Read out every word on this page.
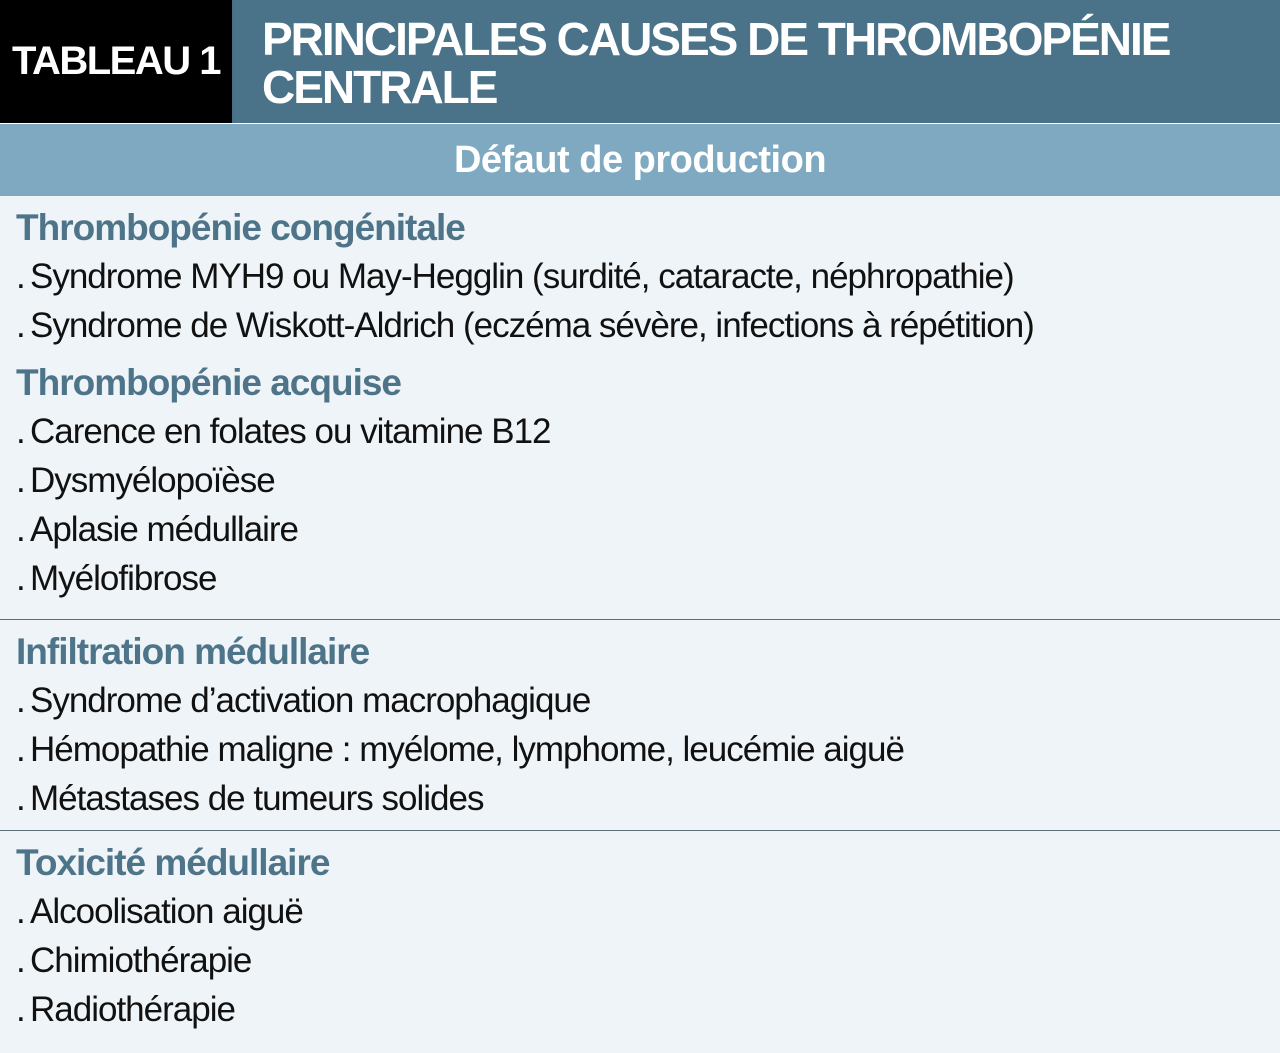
TABLEAU 1 PRINCIPALES CAUSES DE THROMBOPÉNIE
CENTRALE
Défaut de production
Thrombopénie congénitale
. Syndrome MYH9 ou May-Hegglin (surdité, cataracte, néphropathie)
. Syndrome de Wiskott-Aldrich (eczéma sévère, infections à répétition)
Thrombopénie acquise
. Carence en folates ou vitamine B12
. Dysmyélopoïèse
. Aplasie médullaire
. Myélofibrose
Infiltration médullaire
. Syndrome d’activation macrophagique
. Hémopathie maligne : myélome, lymphome, leucémie aiguë
. Métastases de tumeurs solides
Toxicité médullaire
. Alcoolisation aiguë
. Chimiothérapie
. Radiothérapie
